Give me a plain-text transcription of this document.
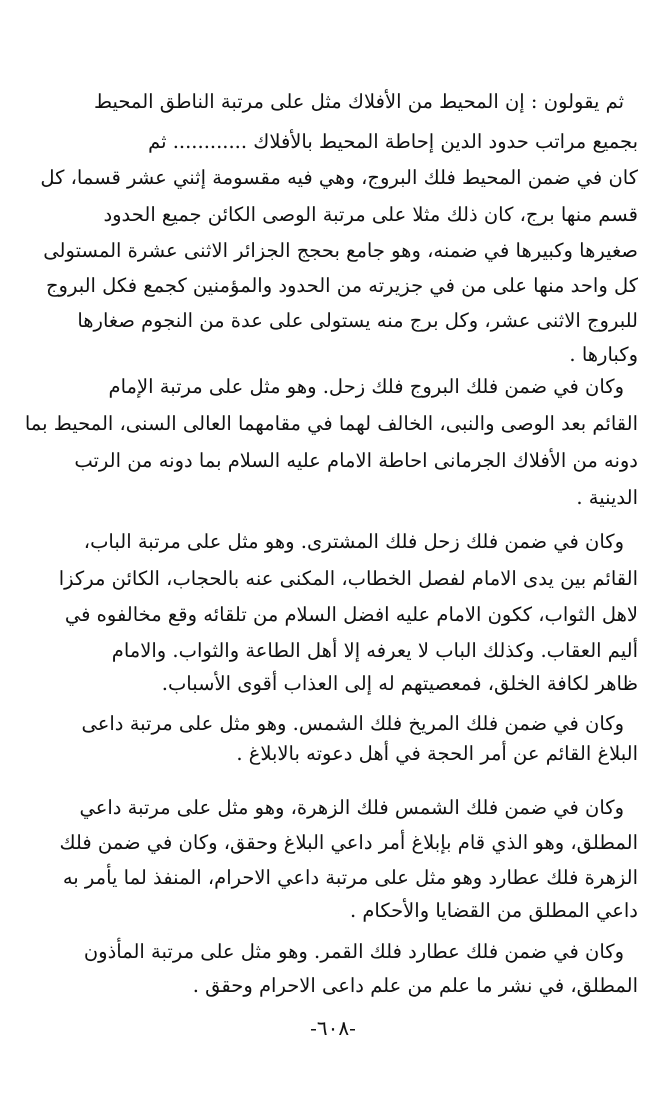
ثم يقولون : إن المحيط من الأفلاك مثل على مرتبة الناطق المحيط
بجميع مراتب حدود الدين إحاطة المحيط بالأفلاك ............ ثم
كان في ضمن المحيط فلك البروج، وهي فيه مقسومة إثني عشر قسما، كل
قسم منها برج، كان ذلك مثلا على مرتبة الوصى الكائن جميع الحدود
صغيرها وكبيرها في ضمنه، وهو جامع بحجج الجزائر الاثنى عشرة المستولى
كل واحد منها على من في جزيرته من الحدود والمؤمنين كجمع فكل البروج
للبروج الاثنى عشر، وكل برج منه يستولى على عدة من النجوم صغارها
وكبارها .
وكان في ضمن فلك البروج فلك زحل. وهو مثل على مرتبة الإمام
القائم بعد الوصى والنبى، الخالف لهما في مقامهما العالى السنى، المحيط بما
دونه من الأفلاك الجرمانى احاطة الامام عليه السلام بما دونه من الرتب
الدينية .
وكان في ضمن فلك زحل فلك المشترى. وهو مثل على مرتبة الباب،
القائم بين يدى الامام لفصل الخطاب، المكنى عنه بالحجاب، الكائن مركزا
لاهل الثواب، ككون الامام عليه افضل السلام من تلقائه وقع مخالفوه في
أليم العقاب. وكذلك الباب لا يعرفه إلا أهل الطاعة والثواب. والامام
ظاهر لكافة الخلق، فمعصيتهم له إلى العذاب أقوى الأسباب.
وكان في ضمن فلك المريخ فلك الشمس. وهو مثل على مرتبة داعى
البلاغ القائم عن أمر الحجة في أهل دعوته بالابلاغ .
وكان في ضمن فلك الشمس فلك الزهرة، وهو مثل على مرتبة داعي
المطلق، وهو الذي قام بإبلاغ أمر داعي البلاغ وحقق، وكان في ضمن فلك
الزهرة فلك عطارد وهو مثل على مرتبة داعي الاحرام، المنفذ لما يأمر به
داعي المطلق من القضايا والأحكام .
وكان في ضمن فلك عطارد فلك القمر. وهو مثل على مرتبة المأذون
المطلق، في نشر ما علم من علم داعى الاحرام وحقق .
-٦٠٨-
